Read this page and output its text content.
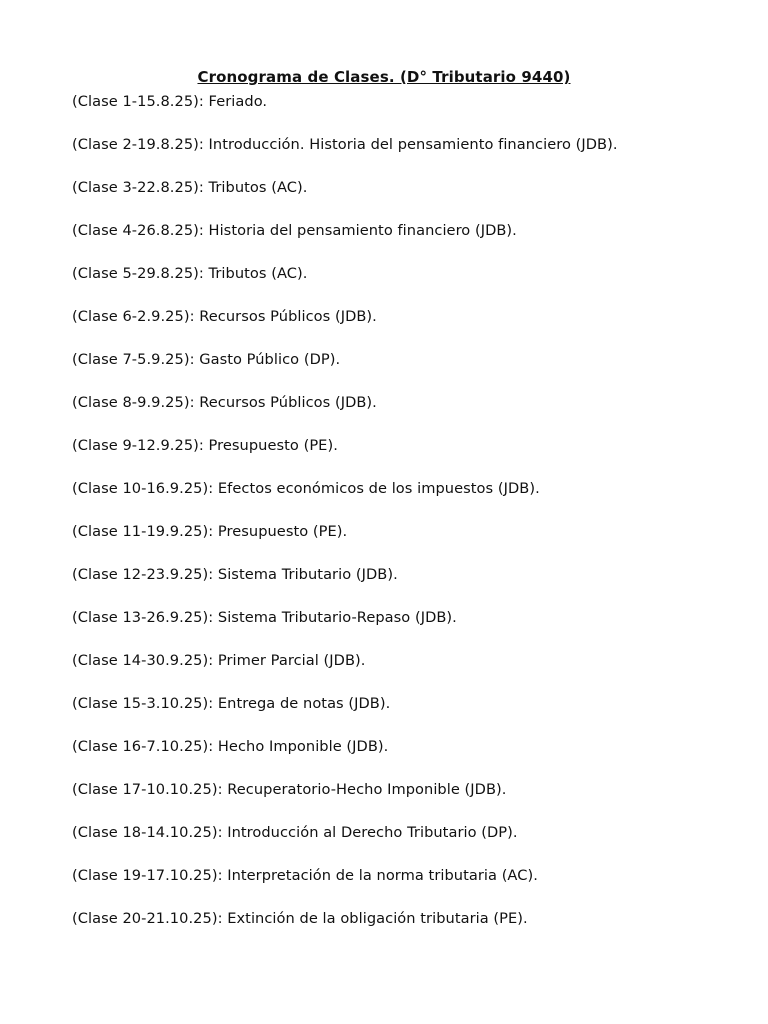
Cronograma de Clases. (D° Tributario 9440)
(Clase 1-15.8.25): Feriado.
(Clase 2-19.8.25): Introducción. Historia del pensamiento financiero (JDB).
(Clase 3-22.8.25): Tributos (AC).
(Clase 4-26.8.25): Historia del pensamiento financiero (JDB).
(Clase 5-29.8.25): Tributos (AC).
(Clase 6-2.9.25): Recursos Públicos (JDB).
(Clase 7-5.9.25): Gasto Público (DP).
(Clase 8-9.9.25): Recursos Públicos (JDB).
(Clase 9-12.9.25): Presupuesto (PE).
(Clase 10-16.9.25): Efectos económicos de los impuestos (JDB).
(Clase 11-19.9.25): Presupuesto (PE).
(Clase 12-23.9.25): Sistema Tributario (JDB).
(Clase 13-26.9.25): Sistema Tributario-Repaso (JDB).
(Clase 14-30.9.25): Primer Parcial (JDB).
(Clase 15-3.10.25): Entrega de notas (JDB).
(Clase 16-7.10.25): Hecho Imponible (JDB).
(Clase 17-10.10.25): Recuperatorio-Hecho Imponible (JDB).
(Clase 18-14.10.25): Introducción al Derecho Tributario (DP).
(Clase 19-17.10.25): Interpretación de la norma tributaria (AC).
(Clase 20-21.10.25): Extinción de la obligación tributaria (PE).
